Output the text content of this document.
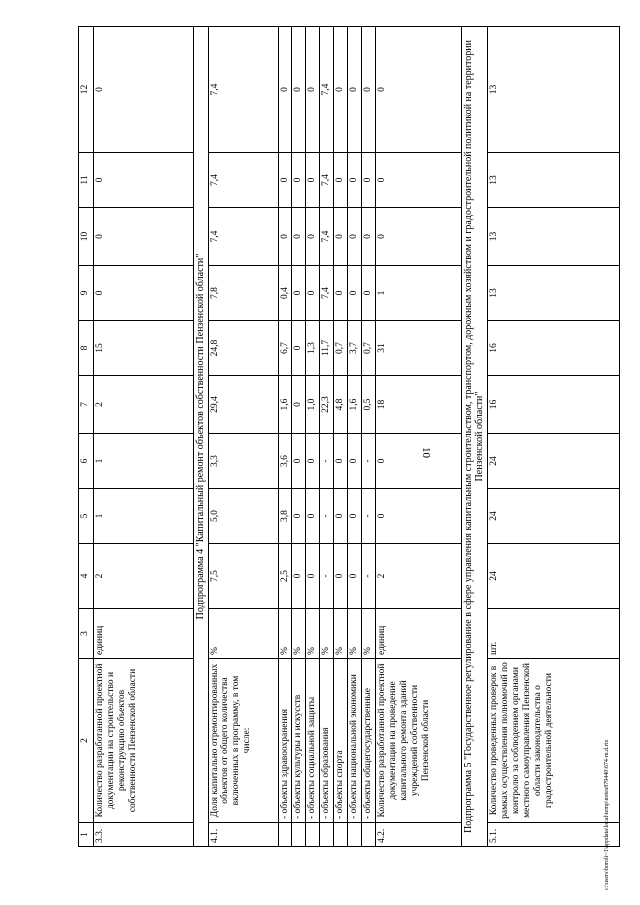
10
c:\users\boroli~1\appdata\local\temp\notes879440\674-m.d.rtx
1	2	3	4	5	6	7	8	9	10	11	12
3.3.	Количество разработанной проектной документации на строительство и реконструкцию объектов собственности Пензенской области	единиц	2	1	1	2	15	0	0	0	0
Подпрограмма 4 "Капитальный ремонт объектов собственности Пензенской области"											
4.1.	Доля капитально отремонтированных объектов от общего количества включенных в программу, в том числе:	%	7,5	5,0	3,3	29,4	24,8	7,8	7,4	7,4	7,4
	- объекты здравоохранения	%	2,5	3,8	3,6	1,6	6,7	0,4	0	0	0
	- объекты культуры и искусств	%	0	0	0	0	0	0	0	0	0
	- объекты социальной защиты	%	0	0	0	1,0	1,3	0	0	0	0
	- объекты образования	%	-	-	-	22,3	11,7	7,4	7,4	7,4	7,4
	- объекты спорта	%	0	0	0	4,8	0,7	0	0	0	0
	- объекты национальной экономики	%	0	0	0	1,6	3,7	0	0	0	0
	- объекты общегосударственные	%	-	-	-	0,5	0,7	0	0	0	0
4.2.	Количество разработанной проектной документации на проведение капитального ремонта зданий учреждений собственности Пензенской области	единиц	2	0	0	18	31	1	0	0	0
Подпрограмма 5 "Государственное регулирование в сфере управления капитальным строительством, транспортом, дорожным хозяйством и градостроительной политикой на территории Пензенской области"											
5.1.	Количество проведенных проверок в рамках осуществления полномочий по контролю за соблюдением органами местного самоуправления Пензенской области законодательства о градостроительной деятельности	шт.	24	24	24	16	16	13	13	13	13
